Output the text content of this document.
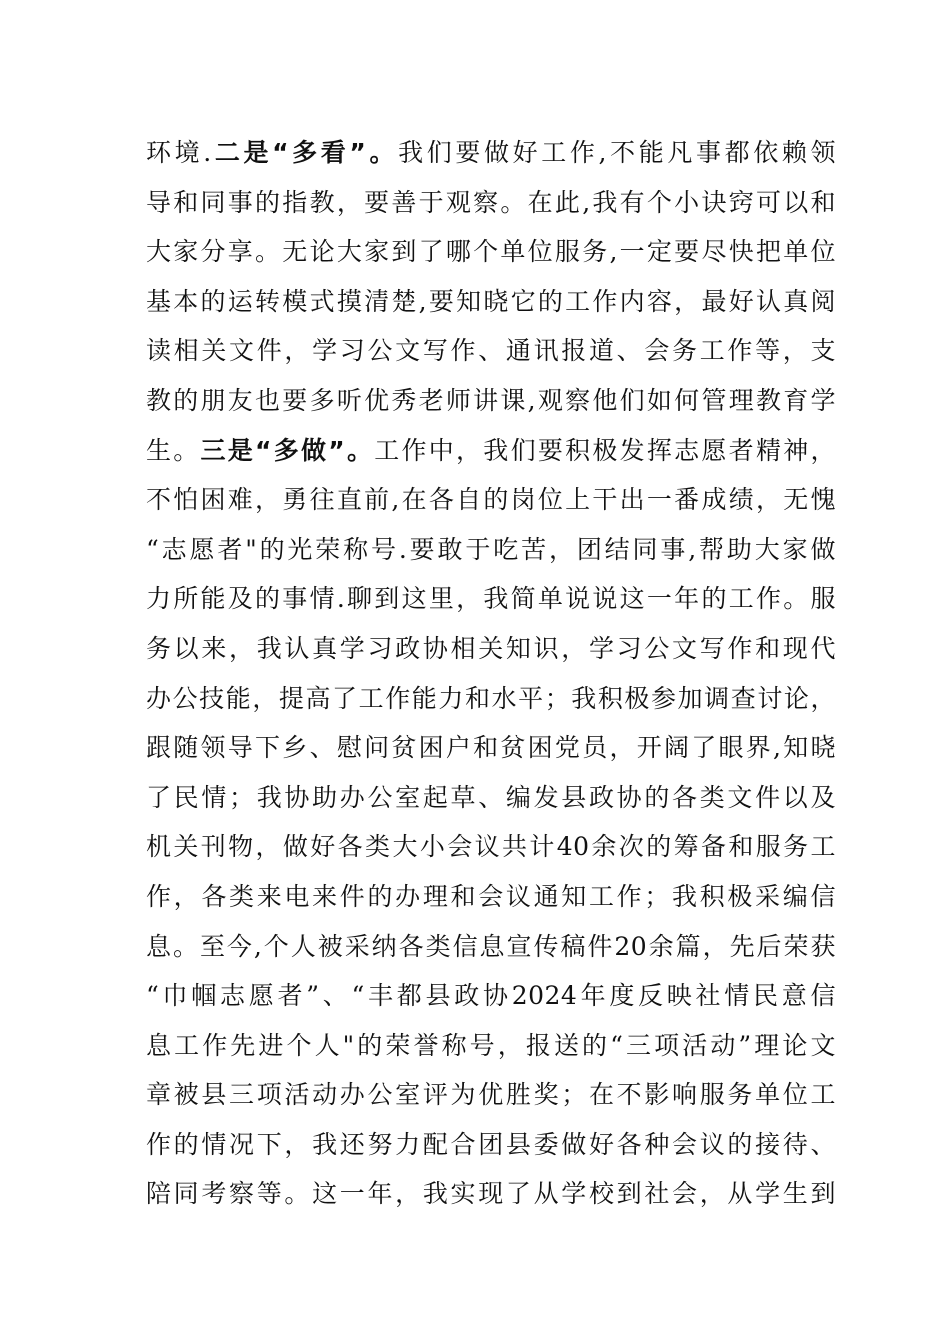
环境.二是“多看”。我们要做好工作,不能凡事都依赖领
导和同事的指教，要善于观察。在此,我有个小诀窍可以和
大家分享。无论大家到了哪个单位服务,一定要尽快把单位
基本的运转模式摸清楚,要知晓它的工作内容，最好认真阅
读相关文件，学习公文写作、通讯报道、会务工作等，支
教的朋友也要多听优秀老师讲课,观察他们如何管理教育学
生。三是“多做”。工作中，我们要积极发挥志愿者精神，
不怕困难，勇往直前,在各自的岗位上干出一番成绩，无愧
“志愿者"的光荣称号.要敢于吃苦，团结同事,帮助大家做
力所能及的事情.聊到这里，我简单说说这一年的工作。服
务以来，我认真学习政协相关知识，学习公文写作和现代
办公技能，提高了工作能力和水平；我积极参加调查讨论，
跟随领导下乡、慰问贫困户和贫困党员，开阔了眼界,知晓
了民情；我协助办公室起草、编发县政协的各类文件以及
机关刊物，做好各类大小会议共计40余次的筹备和服务工
作，各类来电来件的办理和会议通知工作；我积极采编信
息。至今,个人被采纳各类信息宣传稿件20余篇，先后荣获
“巾帼志愿者”、“丰都县政协2024年度反映社情民意信
息工作先进个人"的荣誉称号，报送的“三项活动”理论文
章被县三项活动办公室评为优胜奖；在不影响服务单位工
作的情况下，我还努力配合团县委做好各种会议的接待、
陪同考察等。这一年，我实现了从学校到社会，从学生到
